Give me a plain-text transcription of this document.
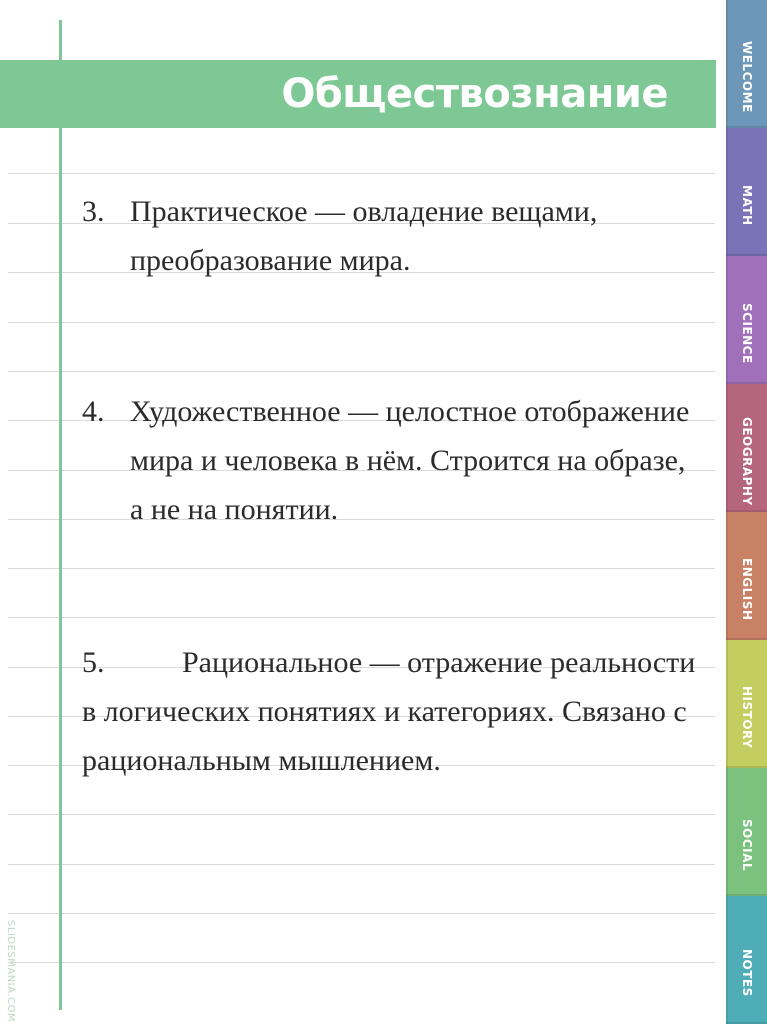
Обществознание
3. Практическое — овладение вещами, преобразование мира.
4. Художественное — целостное отображение мира и человека в нём. Строится на образе, а не на понятии.
5.	Рациональное — отражение реальности в логических понятиях и категориях. Связано с рациональным мышлением.
SLIDESMANIA.COM
WELCOME
MATH
SCIENCE
GEOGRAPHY
ENGLISH
HISTORY
SOCIAL
NOTES
